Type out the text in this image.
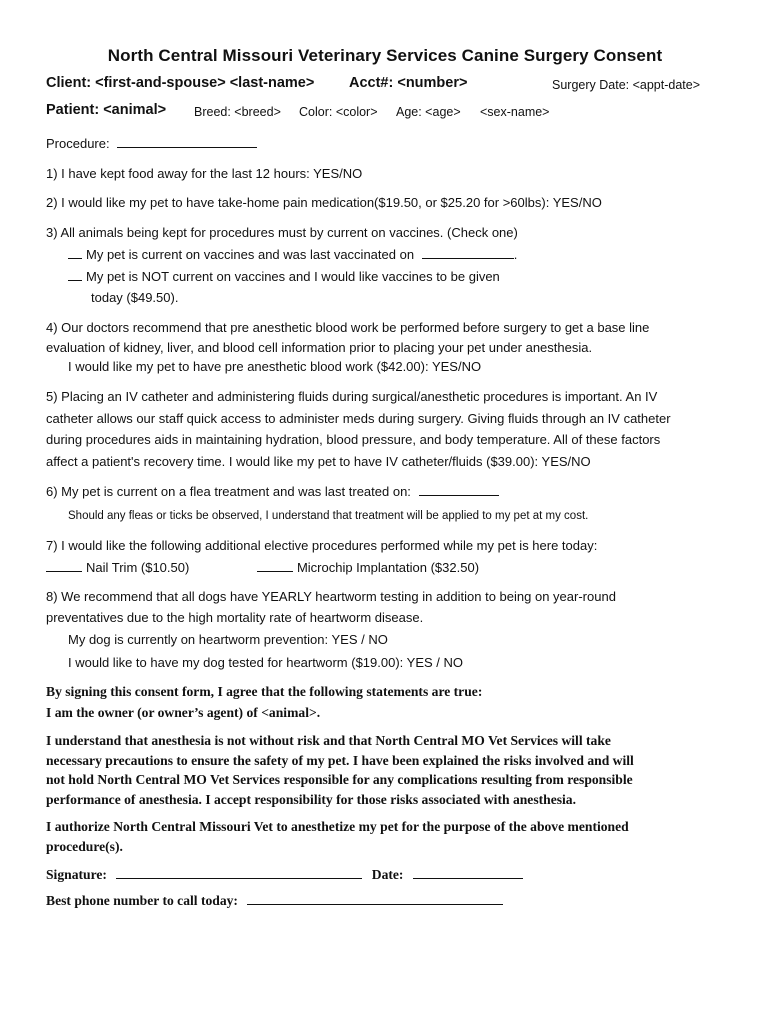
North Central Missouri Veterinary Services Canine Surgery Consent
Client: <first-and-spouse> <last-name> Acct#: <number>	Surgery Date: <appt-date>
Patient: <animal> Breed: <breed> Color: <color> Age: <age> <sex-name>
Procedure:
1) I have kept food away for the last 12 hours: YES/NO
2) I would like my pet to have take-home pain medication($19.50, or $25.20 for >60lbs): YES/NO
3) All animals being kept for procedures must by current on vaccines. (Check one)
My pet is current on vaccines and was last vaccinated on	.
My pet is NOT current on vaccines and I would like vaccines to be given
today ($49.50).
4) Our doctors recommend that pre anesthetic blood work be performed before surgery to get a base line
evaluation of kidney, liver, and blood cell information prior to placing your pet under anesthesia.
I would like my pet to have pre anesthetic blood work ($42.00): YES/NO
5) Placing an IV catheter and administering fluids during surgical/anesthetic procedures is important. An IV
catheter allows our staff quick access to administer meds during surgery. Giving fluids through an IV catheter
during procedures aids in maintaining hydration, blood pressure, and body temperature. All of these factors
affect a patient's recovery time. I would like my pet to have IV catheter/fluids ($39.00): YES/NO
6) My pet is current on a flea treatment and was last treated on:
Should any fleas or ticks be observed, I understand that treatment will be applied to my pet at my cost.
7) I would like the following additional elective procedures performed while my pet is here today:
Nail Trim ($10.50)	Microchip Implantation ($32.50)
8) We recommend that all dogs have YEARLY heartworm testing in addition to being on year-round
preventatives due to the high mortality rate of heartworm disease.
My dog is currently on heartworm prevention: YES / NO
I would like to have my dog tested for heartworm ($19.00): YES / NO
By signing this consent form, I agree that the following statements are true:
I am the owner (or owner’s agent) of <animal>.
I understand that anesthesia is not without risk and that North Central MO Vet Services will take
necessary precautions to ensure the safety of my pet. I have been explained the risks involved and will
not hold North Central MO Vet Services responsible for any complications resulting from responsible
performance of anesthesia. I accept responsibility for those risks associated with anesthesia.
I authorize North Central Missouri Vet to anesthetize my pet for the purpose of the above mentioned
procedure(s).
Signature:	Date:
Best phone number to call today:
